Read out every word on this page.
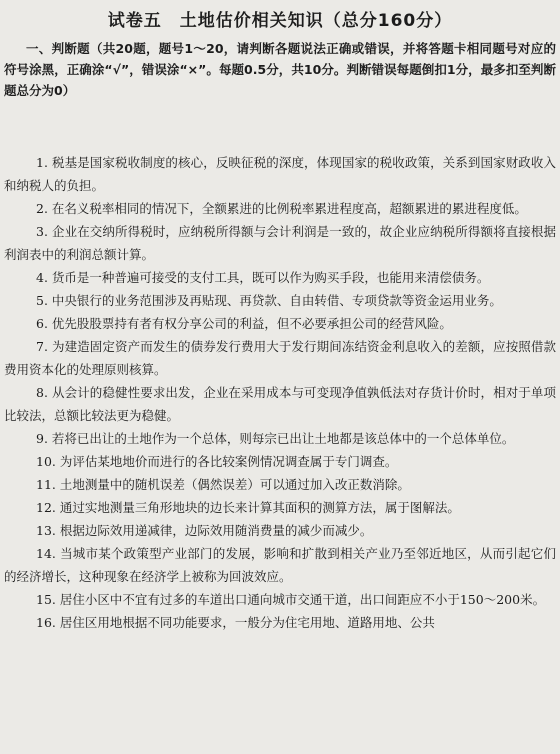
试卷五　土地估价相关知识（总分160分）
一、判断题（共20题，题号1～20，请判断各题说法正确或错误，并将答题卡相同题号对应的符号涂黑，正确涂“√”，错误涂“×”。每题0.5分，共10分。判断错误每题倒扣1分，最多扣至判断题总分为0）

1. 税基是国家税收制度的核心，反映征税的深度，体现国家的税收政策，关系到国家财政收入和纳税人的负担。

2. 在名义税率相同的情况下，全额累进的比例税率累进程度高，超额累进的累进程度低。

3. 企业在交纳所得税时，应纳税所得额与会计利润是一致的，故企业应纳税所得额将直接根据利润表中的利润总额计算。

4. 货币是一种普遍可接受的支付工具，既可以作为购买手段，也能用来清偿债务。

5. 中央银行的业务范围涉及再贴现、再贷款、自由转借、专项贷款等资金运用业务。

6. 优先股股票持有者有权分享公司的利益，但不必要承担公司的经营风险。

7. 为建造固定资产而发生的债券发行费用大于发行期间冻结资金利息收入的差额，应按照借款费用资本化的处理原则核算。

8. 从会计的稳健性要求出发，企业在采用成本与可变现净值孰低法对存货计价时，相对于单项比较法，总额比较法更为稳健。

9. 若将已出让的土地作为一个总体，则每宗已出让土地都是该总体中的一个总体单位。

10. 为评估某地地价而进行的各比较案例情况调查属于专门调查。

11. 土地测量中的随机误差（偶然误差）可以通过加入改正数消除。

12. 通过实地测量三角形地块的边长来计算其面积的测算方法，属于图解法。

13. 根据边际效用递减律，边际效用随消费量的减少而减少。

14. 当城市某个政策型产业部门的发展，影响和扩散到相关产业乃至邻近地区，从而引起它们的经济增长，这种现象在经济学上被称为回波效应。

15. 居住小区中不宜有过多的车道出口通向城市交通干道，出口间距应不小于150～200米。

16. 居住区用地根据不同功能要求，一般分为住宅用地、道路用地、公共
